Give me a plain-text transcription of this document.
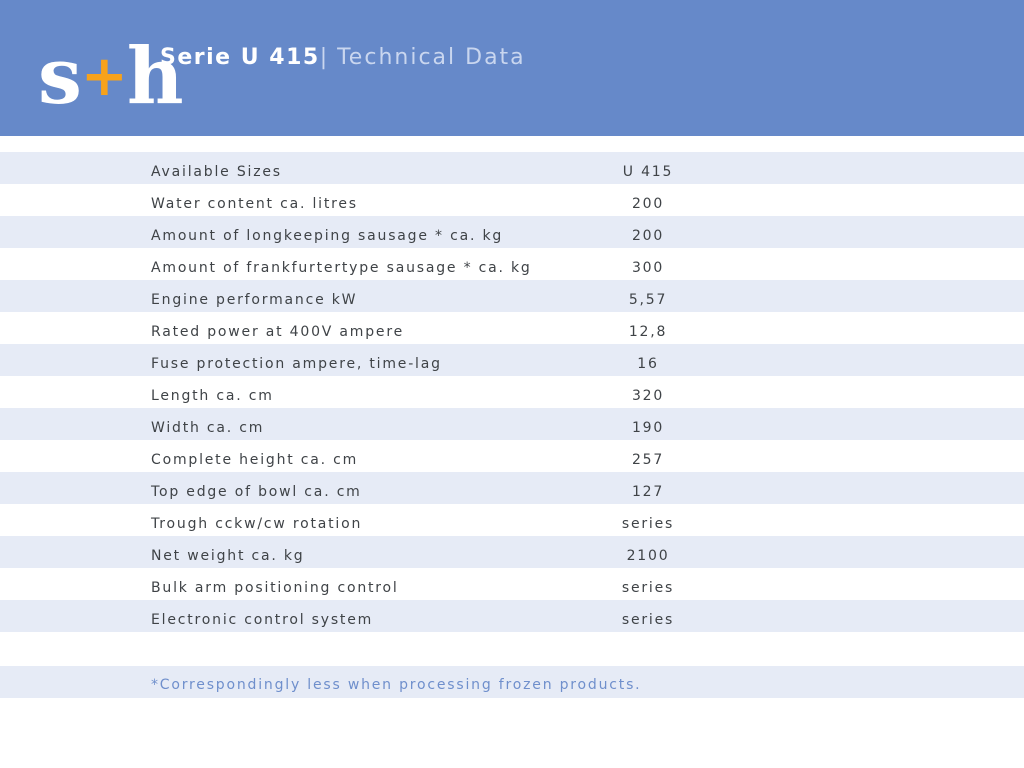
s+h
Serie U 415| Technical Data
Available Sizes	U 415
Water content ca. litres	200
Amount of longkeeping sausage * ca. kg	200
Amount of frankfurtertype sausage * ca. kg	300
Engine performance kW	5,57
Rated power at 400V ampere	12,8
Fuse protection ampere, time-lag	16
Length ca. cm	320
Width ca. cm	190
Complete height ca. cm	257
Top edge of bowl ca. cm	127
Trough cckw/cw rotation	series
Net weight ca. kg	2100
Bulk arm positioning control	series
Electronic control system	series
*Correspondingly less when processing frozen products.
